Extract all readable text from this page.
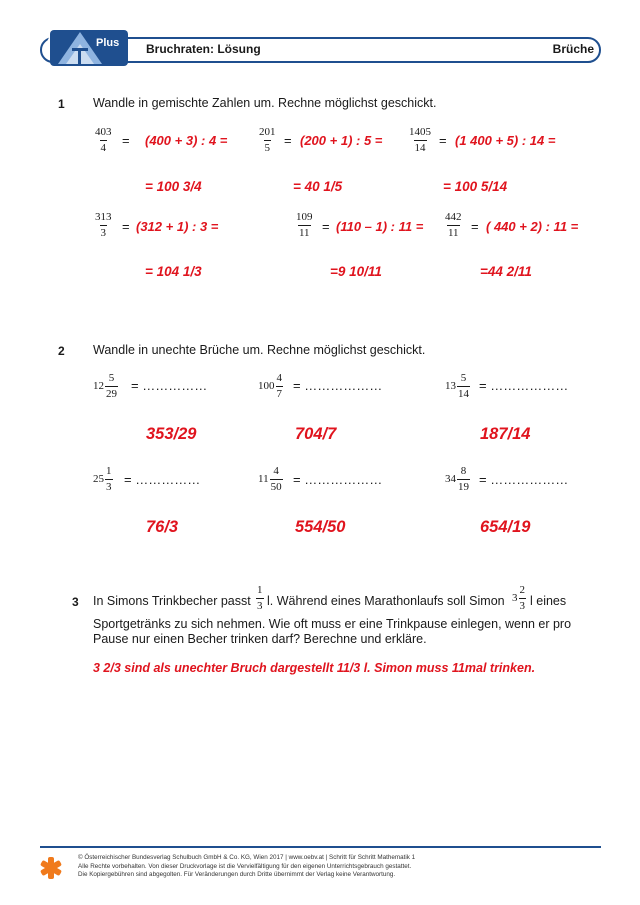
Plus Bruchraten: Lösung	Brüche
1 Wandle in gemischte Zahlen um. Rechne möglichst geschickt.
$\frac{403}{4} = (400 + 3)$ : 4 =
= 100 3/4
$\frac{201}{5} = (200 + 1)$ : 5 =
= 40 1/5
$\frac{1405}{14} = (1$ 400 + 5) : 14 =
= 100 5/14
$\frac{313}{3} = (312 + 1)$ : 3 =
= 104 1/3
$\frac{109}{11} = (110 - 1)$ : 11 =
=9 10/11
$\frac{442}{11}$ = ( 440 + 2) : 11 =
=44 2/11
2 Wandle in unechte Brüche um. Rechne möglichst geschickt.
12
5
29
= ……………
353/29
100
4
7
= ………………
704/7
13
5
14
= ………………
187/14
25
1
3 = ……………
76/3
11
4
50 = ………………
554/50
34
8
19 = ………………
654/19
3 In Simons Trinkbecher passt $\frac{1}{3} l$. Während eines Marathonlaufs soll Simon 3
2
3 l eines
Sportgetränks zu sich nehmen. Wie oft muss er eine Trinkpause einlegen, wenn er pro
Pause nur einen Becher trinken darf? Berechne und erkläre.
3 2/3 sind als unechter Bruch dargestellt 11/3 l. Simon muss 11mal trinken.
© Österreichischer Bundesverlag Schulbuch GmbH & Co. KG, Wien 2017 | www.oebv.at | Schritt für Schritt Mathematik 1
Alle Rechte vorbehalten. Von dieser Druckvorlage ist die Vervielfältigung für den eigenen Unterrichtsgebrauch gestattet.
Die Kopiergebühren sind abgegolten. Für Veränderungen durch Dritte übernimmt der Verlag keine Verantwortung.
